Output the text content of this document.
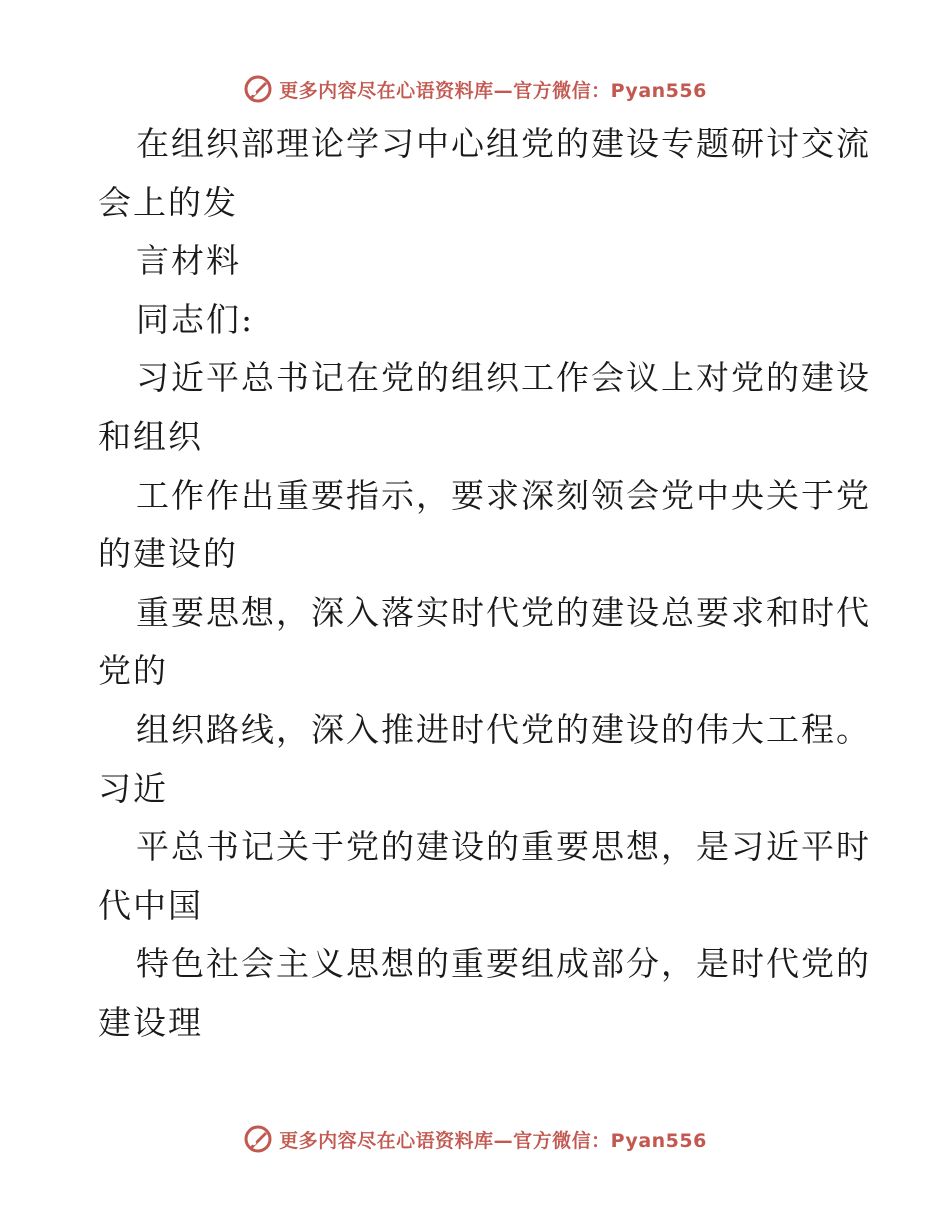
更多内容尽在心语资料库—官方微信：Pyan556
在组织部理论学习中心组党的建设专题研讨交流
会上的发
言材料
同志们:
习近平总书记在党的组织工作会议上对党的建设
和组织
工作作出重要指示，要求深刻领会党中央关于党
的建设的
重要思想，深入落实时代党的建设总要求和时代
党的
组织路线，深入推进时代党的建设的伟大工程。
习近
平总书记关于党的建设的重要思想，是习近平时
代中国
特色社会主义思想的重要组成部分，是时代党的
建设理
更多内容尽在心语资料库—官方微信：Pyan556
